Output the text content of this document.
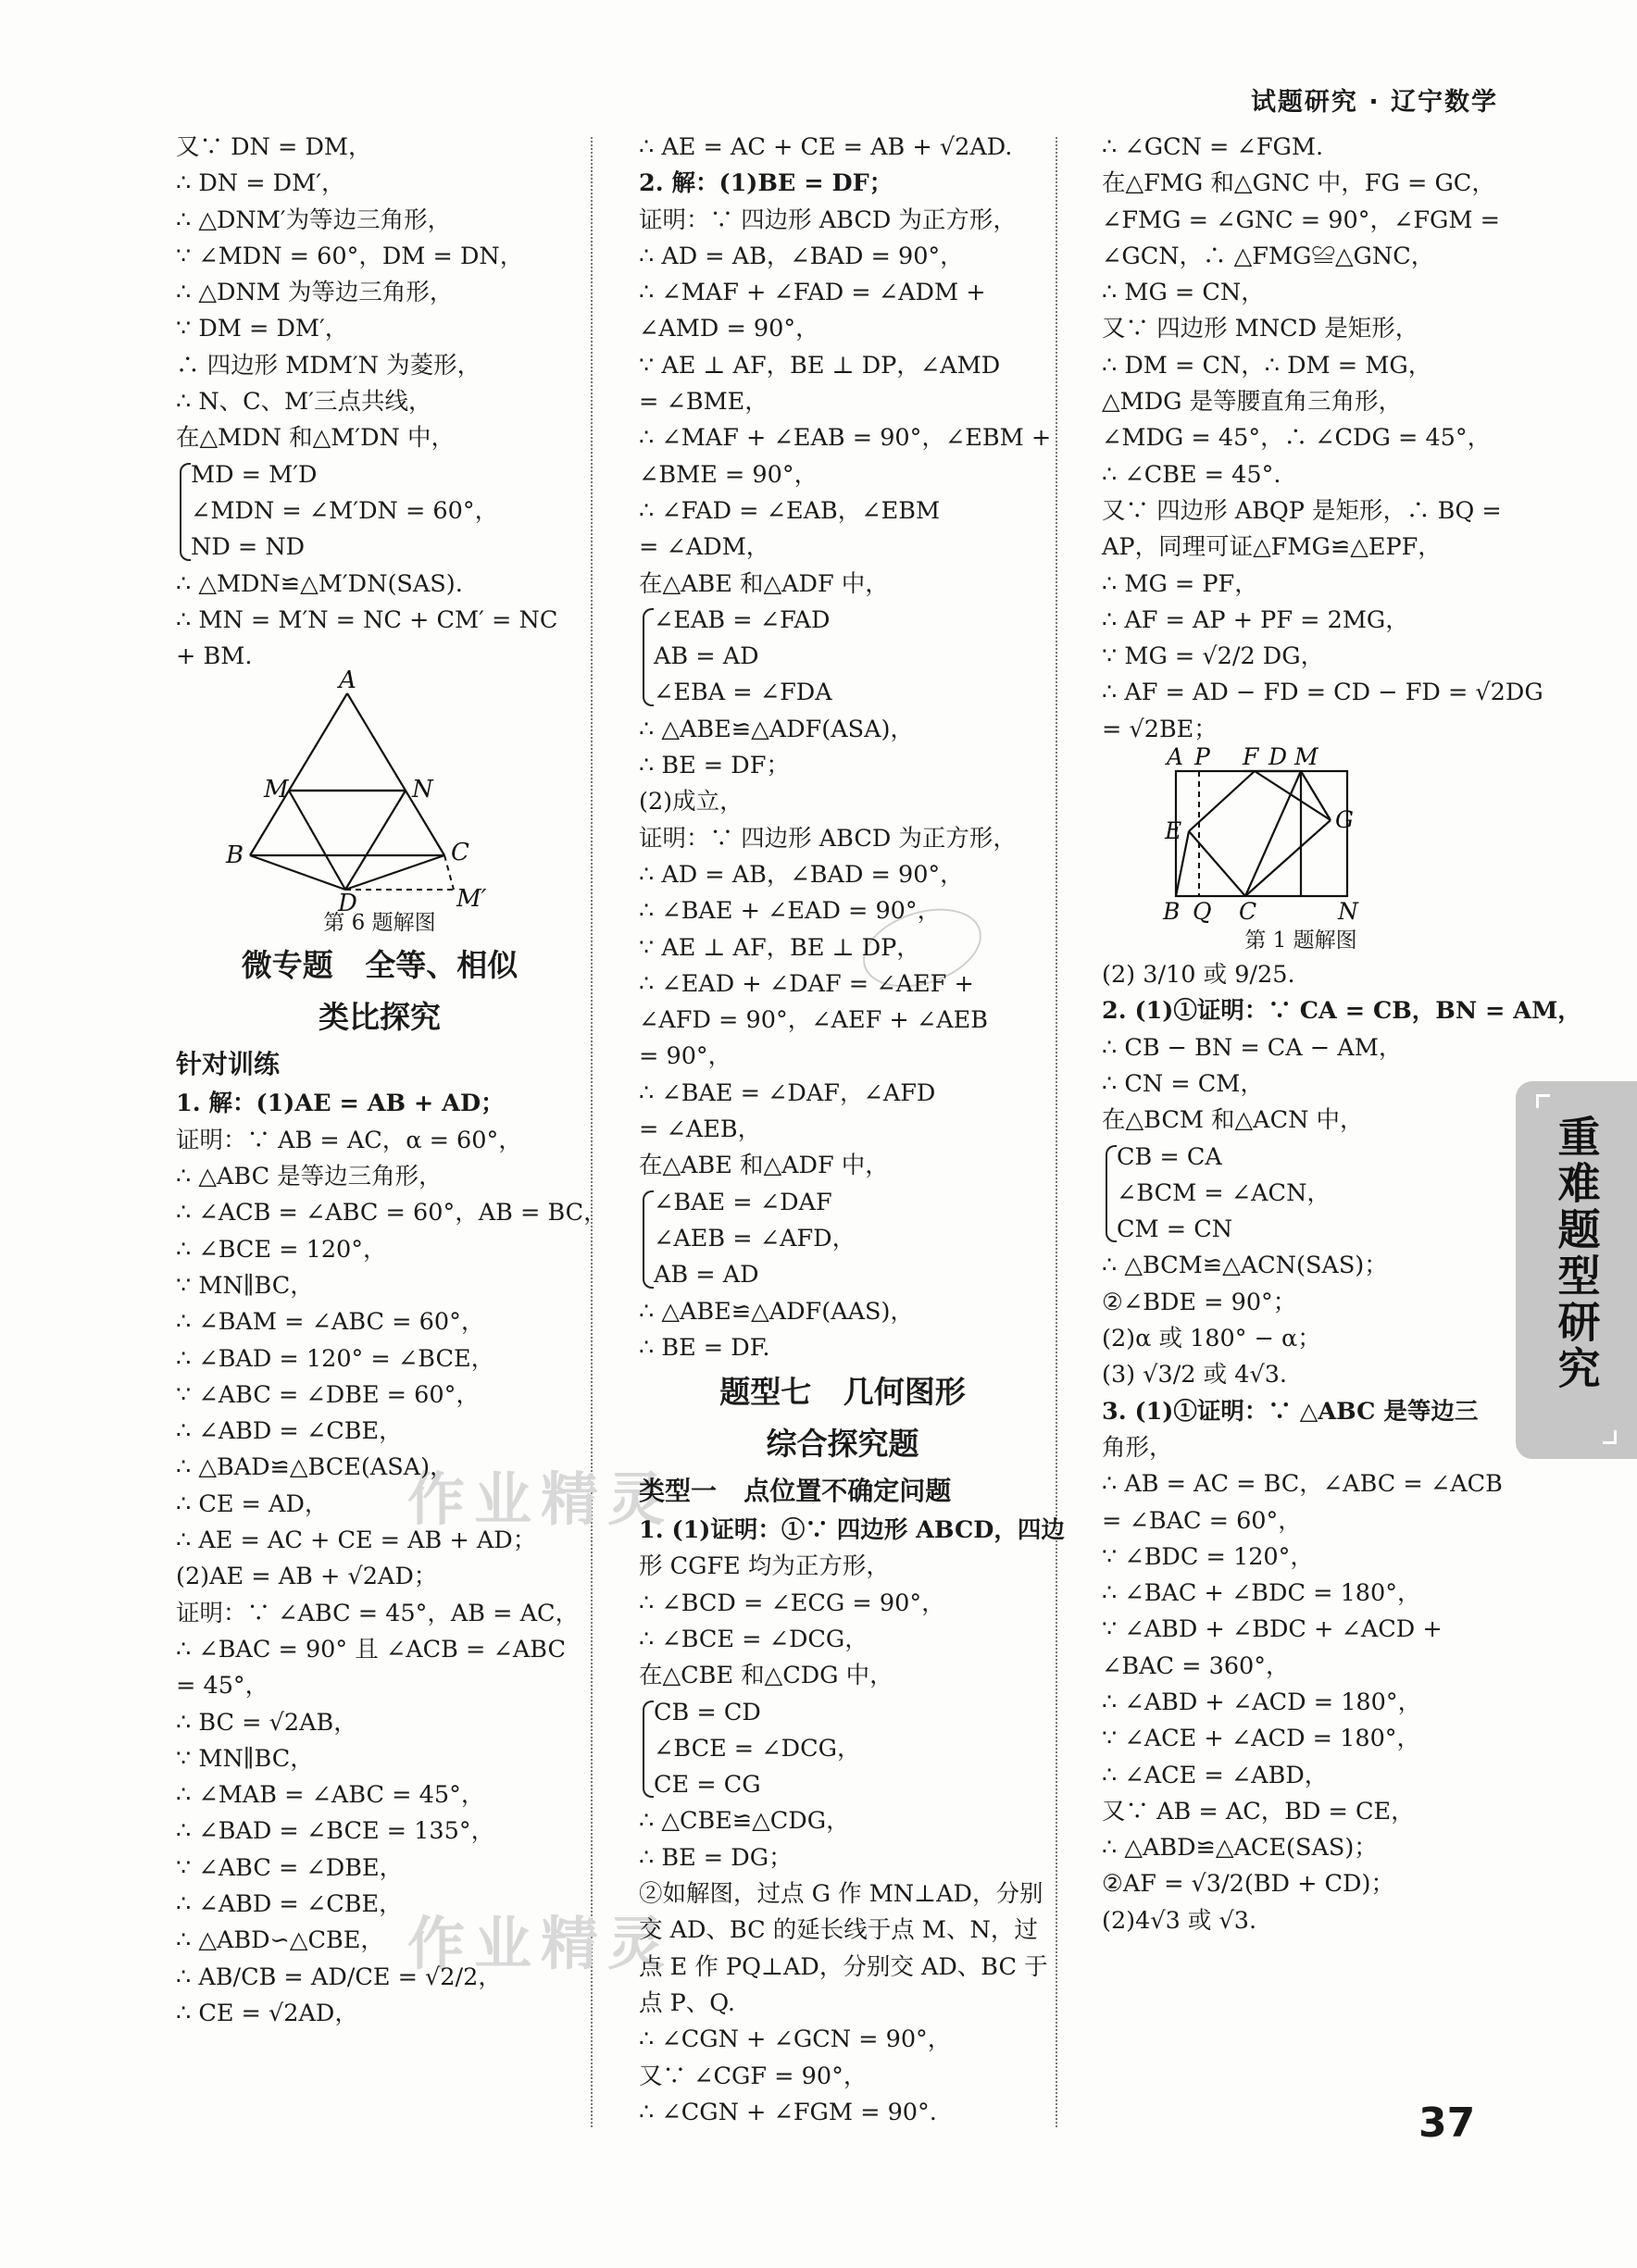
试题研究 · 辽宁数学
作业精灵
作业精灵
又∵ DN = DM，
∴ DN = DM′，
∴ △DNM′为等边三角形，
∵ ∠MDN = 60°，DM = DN，
∴ △DNM 为等边三角形，
∵ DM = DM′，
∴ 四边形 MDM′N 为菱形，
∴ N、C、M′三点共线，
在△MDN 和△M′DN 中，
MD = M′D
∠MDN = ∠M′DN = 60°，
ND = ND
∴ △MDN≌△M′DN(SAS).
∴ MN = M′N = NC + CM′ = NC
+ BM.
A
M	N
B	C
D	M′
第 6 题解图
微专题   全等、相似
类比探究
针对训练
1. 解：(1)AE = AB + AD；
证明：∵ AB = AC，α = 60°，
∴ △ABC 是等边三角形，
∴ ∠ACB = ∠ABC = 60°，AB = BC，
∴ ∠BCE = 120°，
∵ MN∥BC，
∴ ∠BAM = ∠ABC = 60°，
∴ ∠BAD = 120° = ∠BCE，
∵ ∠ABC = ∠DBE = 60°，
∴ ∠ABD = ∠CBE，
∴ △BAD≌△BCE(ASA)，
∴ CE = AD，
∴ AE = AC + CE = AB + AD；
(2)AE = AB + √2AD；
证明：∵ ∠ABC = 45°，AB = AC，
∴ ∠BAC = 90° 且 ∠ACB = ∠ABC
= 45°，
∴ BC = √2AB，
∵ MN∥BC，
∴ ∠MAB = ∠ABC = 45°，
∴ ∠BAD = ∠BCE = 135°，
∵ ∠ABC = ∠DBE，
∴ ∠ABD = ∠CBE，
∴ △ABD∽△CBE，
∴ AB/CB = AD/CE = √2/2，
∴ CE = √2AD，
∴ AE = AC + CE = AB + √2AD.
2. 解：(1)BE = DF；
证明：∵ 四边形 ABCD 为正方形，
∴ AD = AB，∠BAD = 90°，
∴ ∠MAF + ∠FAD = ∠ADM +
∠AMD = 90°，
∵ AE ⊥ AF，BE ⊥ DP，∠AMD
= ∠BME，
∴ ∠MAF + ∠EAB = 90°，∠EBM +
∠BME = 90°，
∴ ∠FAD = ∠EAB，∠EBM
= ∠ADM，
在△ABE 和△ADF 中，
∠EAB = ∠FAD
AB = AD
∠EBA = ∠FDA
∴ △ABE≌△ADF(ASA)，
∴ BE = DF；
(2)成立，
证明：∵ 四边形 ABCD 为正方形，
∴ AD = AB，∠BAD = 90°，
∴ ∠BAE + ∠EAD = 90°，
∵ AE ⊥ AF，BE ⊥ DP，
∴ ∠EAD + ∠DAF = ∠AEF +
∠AFD = 90°，∠AEF + ∠AEB
= 90°，
∴ ∠BAE = ∠DAF，∠AFD
= ∠AEB，
在△ABE 和△ADF 中，
∠BAE = ∠DAF
∠AEB = ∠AFD，
AB = AD
∴ △ABE≌△ADF(AAS)，
∴ BE = DF.
题型七   几何图形
综合探究题
类型一   点位置不确定问题
1. (1)证明：①∵ 四边形 ABCD，四边
形 CGFE 均为正方形，
∴ ∠BCD = ∠ECG = 90°，
∴ ∠BCE = ∠DCG，
在△CBE 和△CDG 中，
CB = CD
∠BCE = ∠DCG，
CE = CG
∴ △CBE≌△CDG，
∴ BE = DG；
②如解图，过点 G 作 MN⊥AD，分别
交 AD、BC 的延长线于点 M、N，过
点 E 作 PQ⊥AD，分别交 AD、BC 于
点 P、Q.
∴ ∠CGN + ∠GCN = 90°，
又∵ ∠CGF = 90°，
∴ ∠CGN + ∠FGM = 90°.
∴ ∠GCN = ∠FGM.
在△FMG 和△GNC 中，FG = GC，
∠FMG = ∠GNC = 90°，∠FGM =
∠GCN，∴ △FMG≌△GNC，
∴ MG = CN，
又∵ 四边形 MNCD 是矩形，
∴ DM = CN，∴ DM = MG，
△MDG 是等腰直角三角形，
∠MDG = 45°，∴ ∠CDG = 45°，
∴ ∠CBE = 45°.
又∵ 四边形 ABQP 是矩形，∴ BQ =
AP，同理可证△FMG≌△EPF，
∴ MG = PF，
∴ AF = AP + PF = 2MG，
∵ MG = √2/2 DG，
∴ AF = AD − FD = CD − FD = √2DG
= √2BE；
A P F D M
G
E
B Q C	N
第 1 题解图
(2) 3/10 或 9/25.
2. (1)①证明：∵ CA = CB，BN = AM，
∴ CB − BN = CA − AM，
∴ CN = CM，
在△BCM 和△ACN 中，
CB = CA
∠BCM = ∠ACN，
CM = CN
∴ △BCM≌△ACN(SAS)；
②∠BDE = 90°；
(2)α 或 180° − α；
(3) √3/2 或 4√3.
3. (1)①证明：∵ △ABC 是等边三
角形，
∴ AB = AC = BC，∠ABC = ∠ACB
= ∠BAC = 60°，
∵ ∠BDC = 120°，
∴ ∠BAC + ∠BDC = 180°，
∵ ∠ABD + ∠BDC + ∠ACD +
∠BAC = 360°，
∴ ∠ABD + ∠ACD = 180°，
∵ ∠ACE + ∠ACD = 180°，
∴ ∠ACE = ∠ABD，
又∵ AB = AC，BD = CE，
∴ △ABD≌△ACE(SAS)；
②AF = √3/2(BD + CD)；
(2)4√3 或 √3.
重难题型研究
37
